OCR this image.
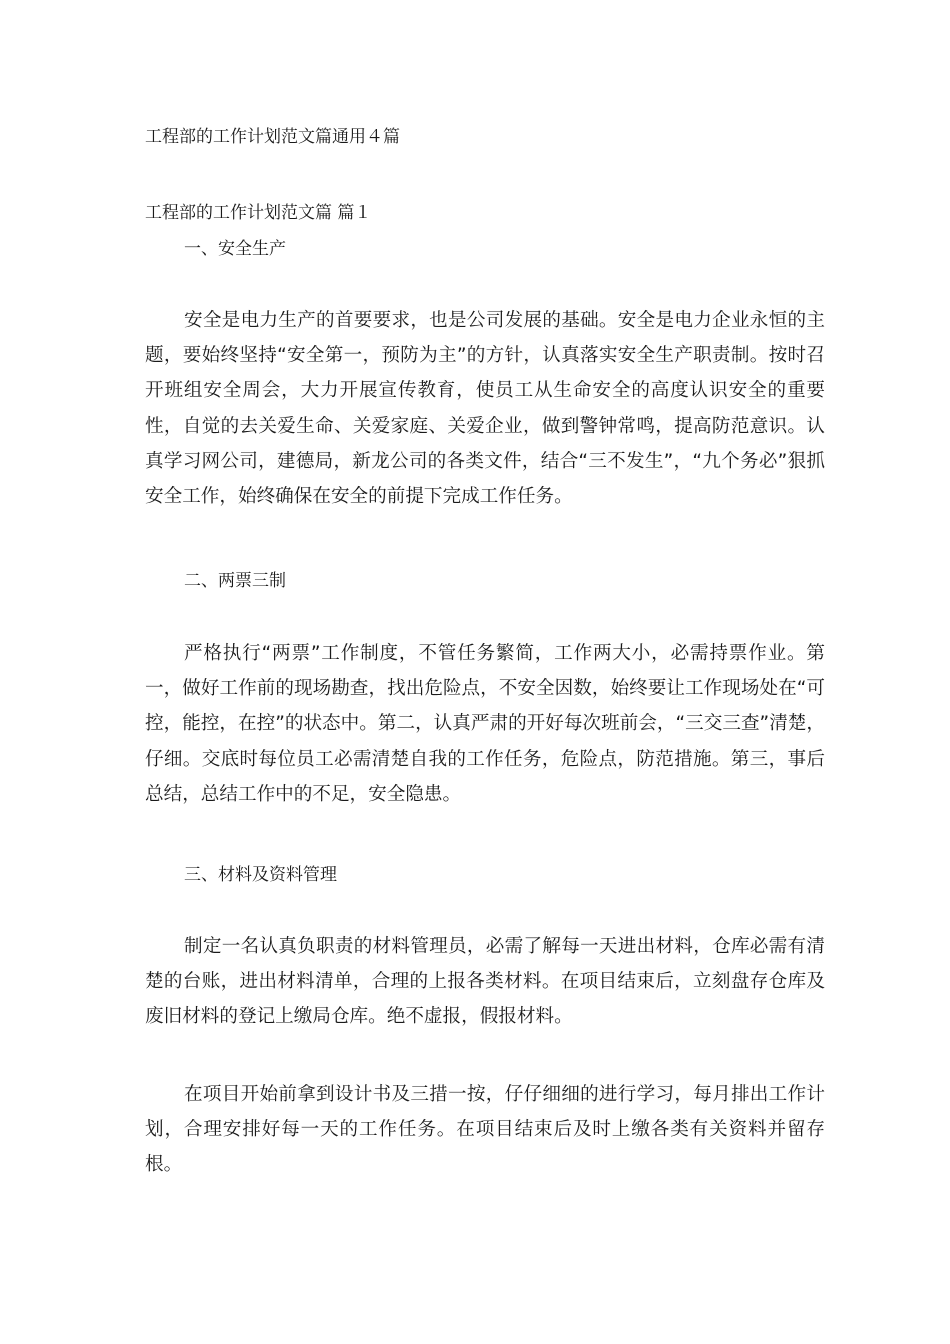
工程部的工作计划范文篇通用４篇
工程部的工作计划范文篇 篇１
一、安全生产
安全是电力生产的首要要求，也是公司发展的基础。安全是电力企业永恒的主题，要始终坚持“安全第一，预防为主”的方针，认真落实安全生产职责制。按时召开班组安全周会，大力开展宣传教育，使员工从生命安全的高度认识安全的重要性，自觉的去关爱生命、关爱家庭、关爱企业，做到警钟常鸣，提高防范意识。认真学习网公司，建德局，新龙公司的各类文件，结合“三不发生”，“九个务必”狠抓安全工作，始终确保在安全的前提下完成工作任务。
二、两票三制
严格执行“两票”工作制度，不管任务繁简，工作两大小，必需持票作业。第一，做好工作前的现场勘查，找出危险点，不安全因数，始终要让工作现场处在“可控，能控，在控”的状态中。第二，认真严肃的开好每次班前会，“三交三查”清楚，仔细。交底时每位员工必需清楚自我的工作任务，危险点，防范措施。第三，事后总结，总结工作中的不足，安全隐患。
三、材料及资料管理
制定一名认真负职责的材料管理员，必需了解每一天进出材料，仓库必需有清楚的台账，进出材料清单，合理的上报各类材料。在项目结束后，立刻盘存仓库及废旧材料的登记上缴局仓库。绝不虚报，假报材料。
在项目开始前拿到设计书及三措一按，仔仔细细的进行学习，每月排出工作计划，合理安排好每一天的工作任务。在项目结束后及时上缴各类有关资料并留存根。
